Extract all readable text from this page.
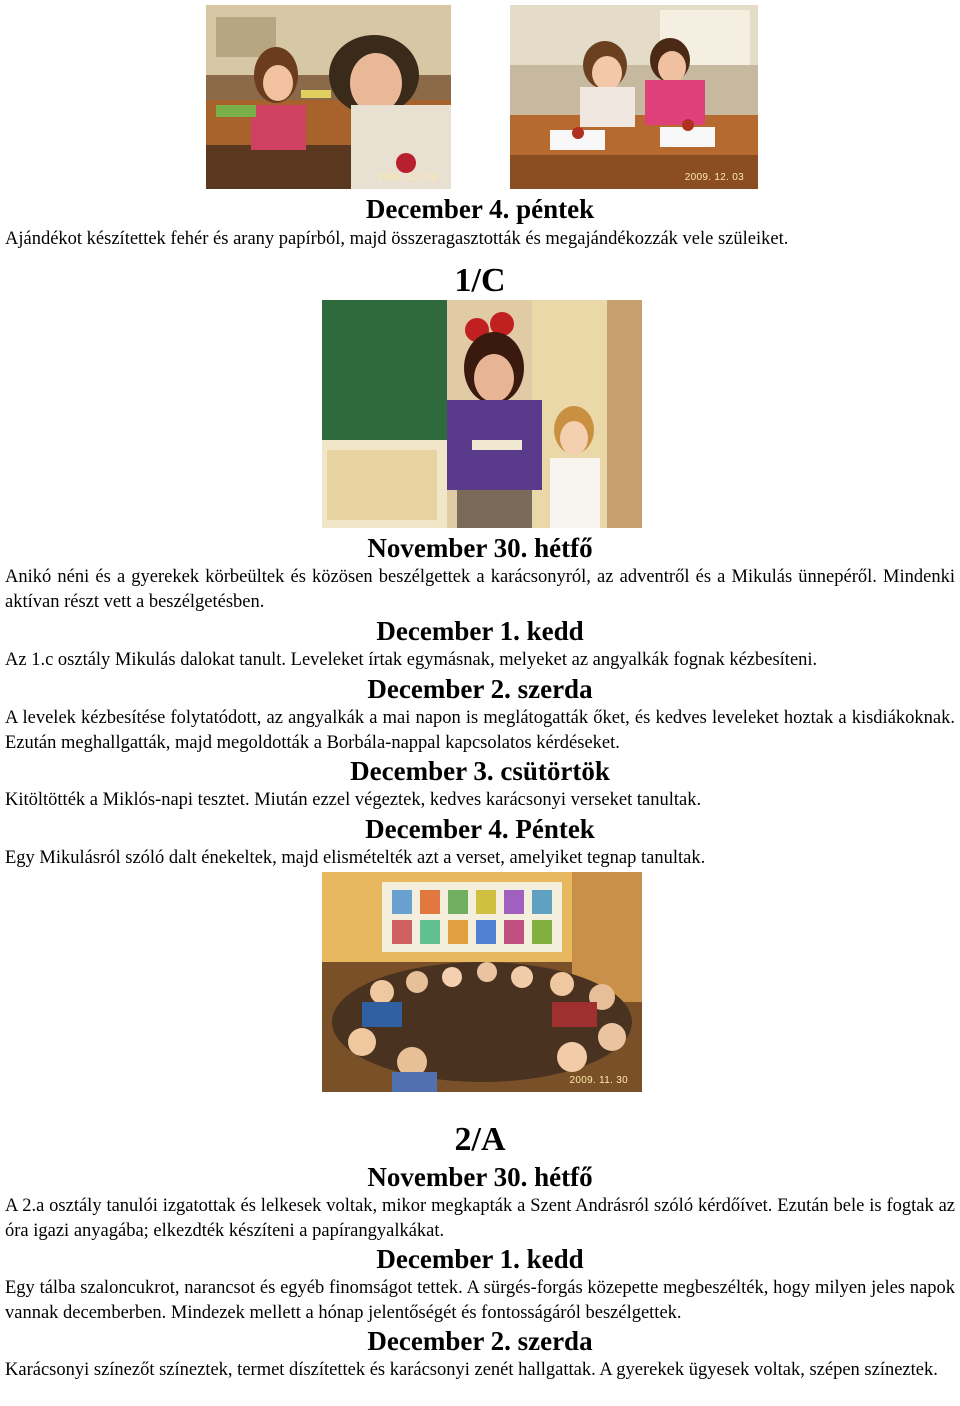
2009. 12. 03	2009. 12. 03
December 4. péntek
Ajándékot készítettek fehér és arany papírból, majd összeragasztották és megajándékozzák vele szüleiket.
1/C
November 30. hétfő
Anikó néni és a gyerekek körbeültek és közösen beszélgettek a karácsonyról, az adventről és a Mikulás ünnepéről. Mindenki aktívan részt vett a beszélgetésben.
December 1. kedd
Az 1.c osztály Mikulás dalokat tanult. Leveleket írtak egymásnak, melyeket az angyalkák fognak kézbesíteni.
December 2. szerda
A levelek kézbesítése folytatódott, az angyalkák a mai napon is meglátogatták őket, és kedves leveleket hoztak a kisdiákoknak. Ezután meghallgatták, majd megoldották a Borbála-nappal kapcsolatos kérdéseket.
December 3. csütörtök
Kitöltötték a Miklós-napi tesztet. Miután ezzel végeztek, kedves karácsonyi verseket tanultak.
December 4. Péntek
Egy Mikulásról szóló dalt énekeltek, majd elismételték azt a verset, amelyiket tegnap tanultak.
2009. 11. 30
2/A
November 30. hétfő
A 2.a osztály tanulói izgatottak és lelkesek voltak, mikor megkapták a Szent Andrásról szóló kérdőívet. Ezután bele is fogtak az óra igazi anyagába; elkezdték készíteni a papírangyalkákat.
December 1. kedd
Egy tálba szaloncukrot, narancsot és egyéb finomságot tettek. A sürgés-forgás közepette megbeszélték, hogy milyen jeles napok vannak decemberben. Mindezek mellett a hónap jelentőségét és fontosságáról beszélgettek.
December 2. szerda
Karácsonyi színezőt színeztek, termet díszítettek és karácsonyi zenét hallgattak. A gyerekek ügyesek voltak, szépen színeztek.
